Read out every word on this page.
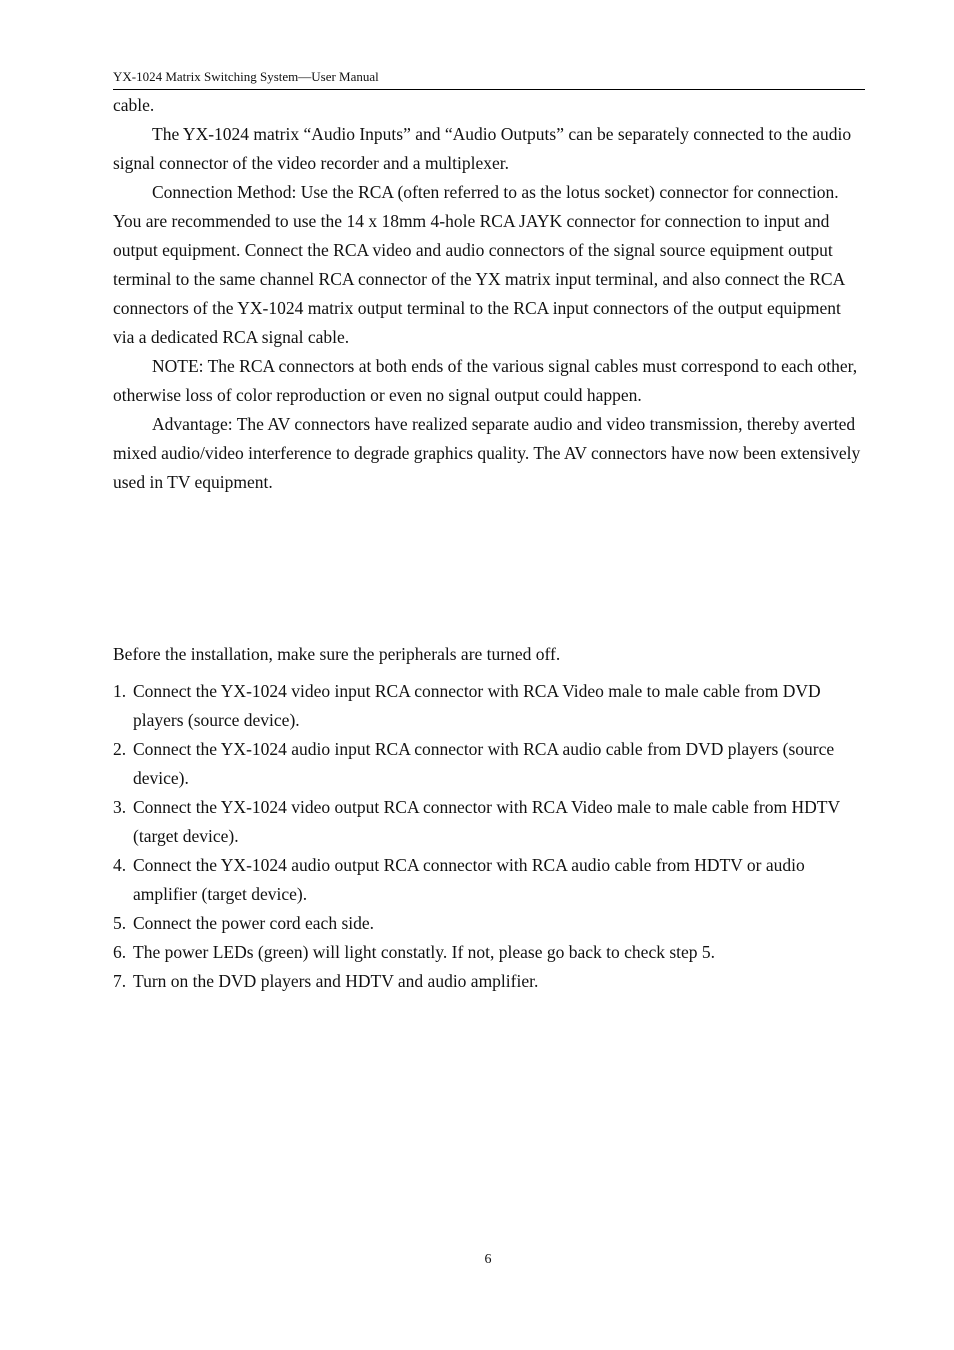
YX-1024 Matrix Switching System—User Manual

cable.

The YX-1024 matrix “Audio Inputs” and “Audio Outputs” can be separately connected to the audio signal connector of the video recorder and a multiplexer.

Connection Method: Use the RCA (often referred to as the lotus socket) connector for connection. You are recommended to use the 14 x 18mm 4-hole RCA JAYK connector for connection to input and output equipment. Connect the RCA video and audio connectors of the signal source equipment output terminal to the same channel RCA connector of the YX matrix input terminal, and also connect the RCA connectors of the YX-1024 matrix output terminal to the RCA input connectors of the output equipment via a dedicated RCA signal cable.

NOTE: The RCA connectors at both ends of the various signal cables must correspond to each other, otherwise loss of color reproduction or even no signal output could happen.

Advantage: The AV connectors have realized separate audio and video transmission, thereby averted mixed audio/video interference to degrade graphics quality. The AV connectors have now been extensively used in TV equipment.

Before the installation, make sure the peripherals are turned off.

1. Connect the YX-1024 video input RCA connector with RCA Video male to male cable from DVD players (source device).
2. Connect the YX-1024 audio input RCA connector with RCA audio cable from DVD players (source device).
3. Connect the YX-1024 video output RCA connector with RCA Video male to male cable from HDTV (target device).
4. Connect the YX-1024 audio output RCA connector with RCA audio cable from HDTV or audio amplifier (target device).
5. Connect the power cord each side.
6. The power LEDs (green) will light constatly. If not, please go back to check step 5.
7. Turn on the DVD players and HDTV and audio amplifier.
6
